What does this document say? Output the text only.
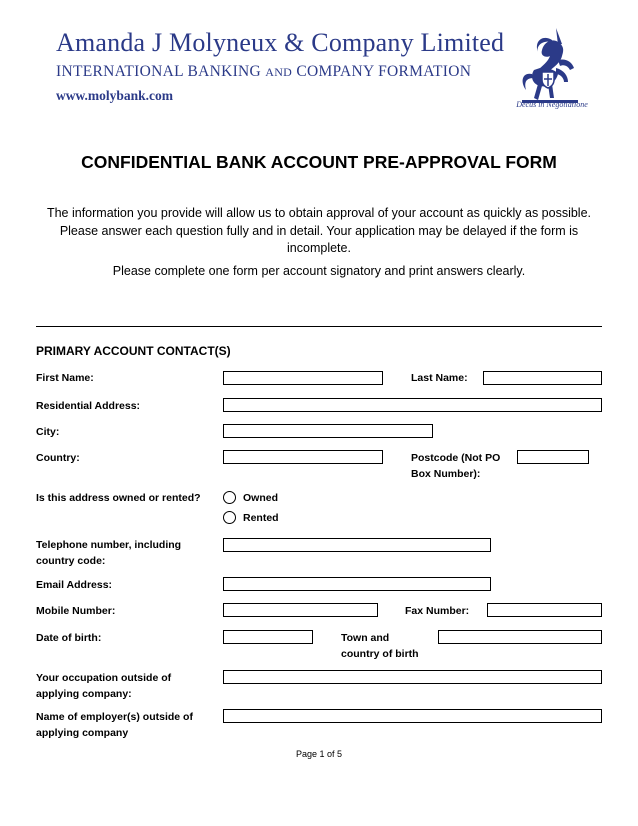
Amanda J Molyneux & Company Limited
INTERNATIONAL BANKING AND COMPANY FORMATION
www.molybank.com
Decus in Negotiatione
CONFIDENTIAL BANK ACCOUNT PRE-APPROVAL FORM
The information you provide will allow us to obtain approval of your account as quickly as possible. Please answer each question fully and in detail. Your application may be delayed if the form is incomplete.
Please complete one form per account signatory and print answers clearly.
PRIMARY ACCOUNT CONTACT(S)
First Name:	Last Name:
Residential Address:
City:
Country:	Postcode (Not PO
Box Number):
Is this address owned or rented?	Owned
Rented
Telephone number, including
country code:
Email Address:
Mobile Number:	Fax Number:
Date of birth:	Town and
country of birth
Your occupation outside of
applying company:
Name of employer(s) outside of
applying company
Page 1 of 5
